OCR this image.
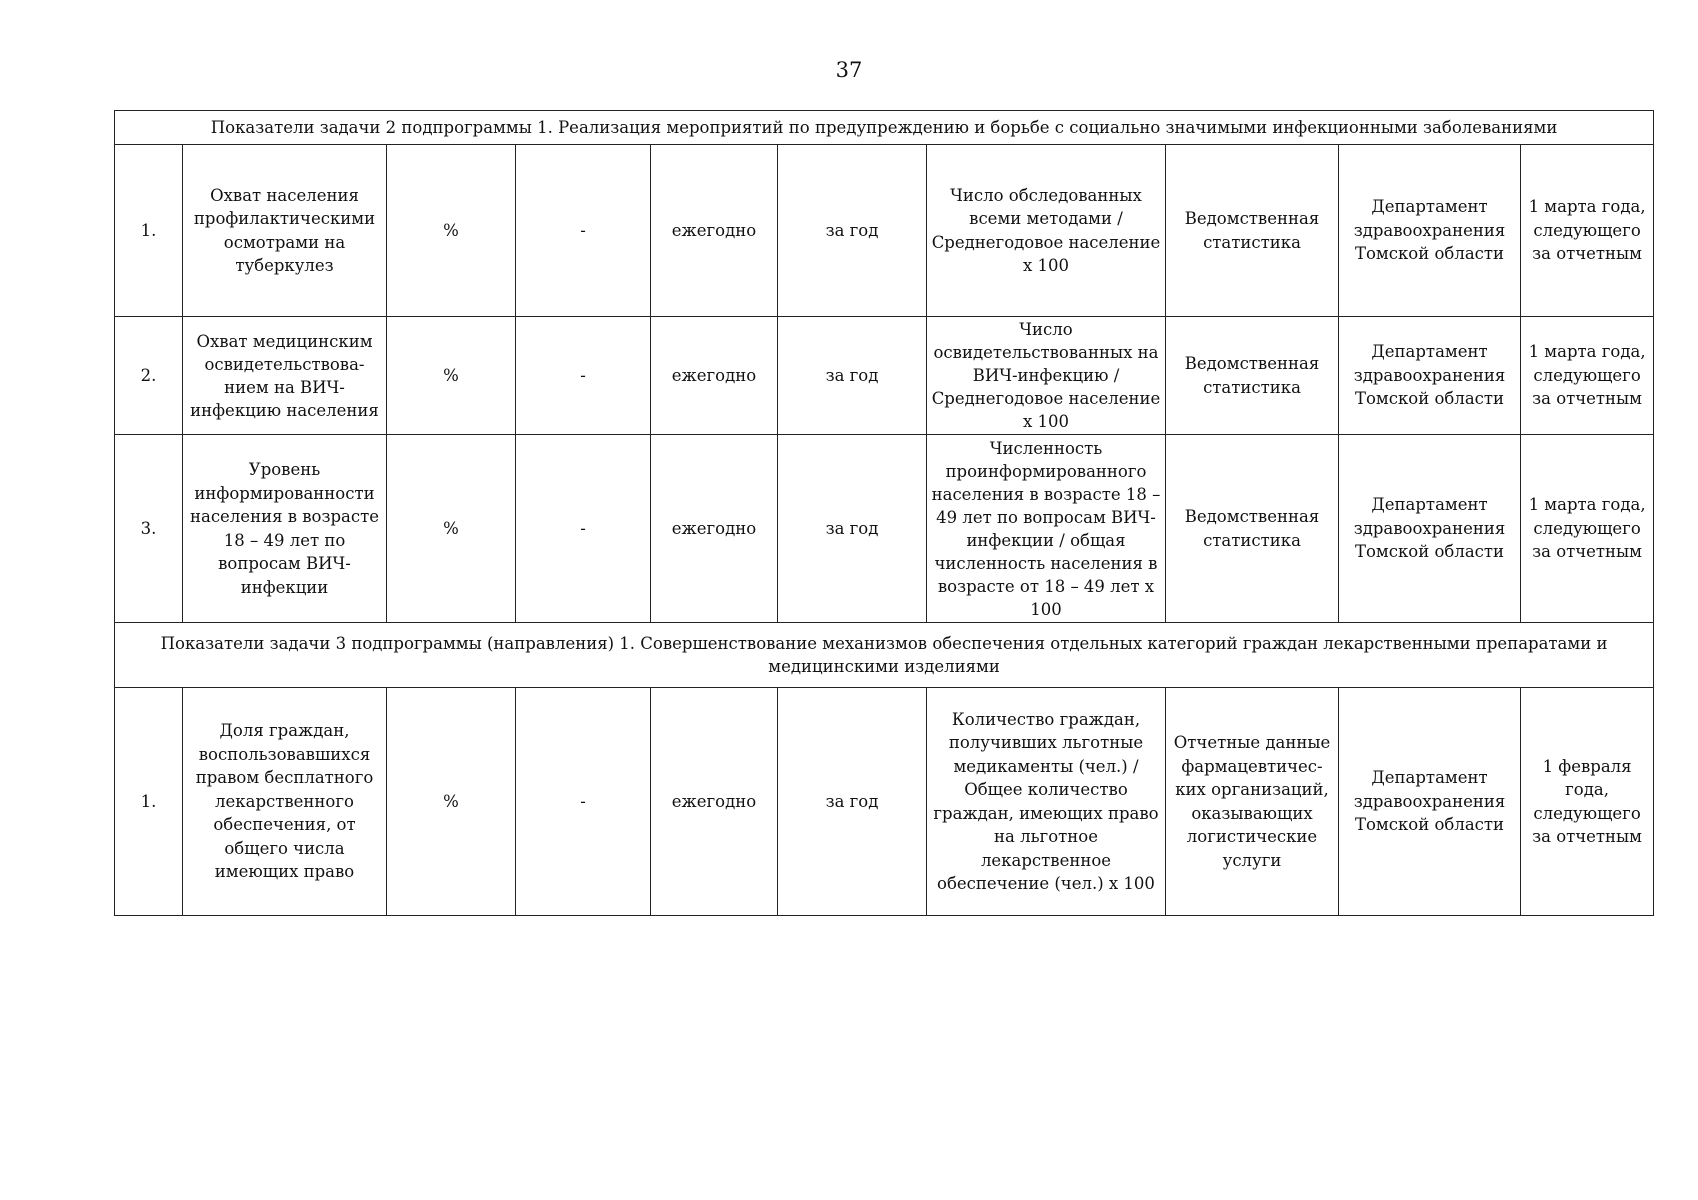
37
Показатели задачи 2 подпрограммы 1. Реализация мероприятий по предупреждению и борьбе с социально значимыми инфекционными заболеваниями									
1.	Охват населения профилактическими осмотрами на туберкулез	%	-	ежегодно	за год	Число обследованных всеми методами / Среднегодовое население х 100	Ведомственная статистика	Департамент здравоохранения Томской области	1 марта года, следующего за отчетным
2.	Охват медицинским освидетельствова-нием на ВИЧ-инфекцию населения	%	-	ежегодно	за год	Число освидетельствованных на ВИЧ-инфекцию / Среднегодовое население х 100	Ведомственная статистика	Департамент здравоохранения Томской области	1 марта года, следующего за отчетным
3.	Уровень информированности населения в возрасте 18 – 49 лет по вопросам ВИЧ-инфекции	%	-	ежегодно	за год	Численность проинформированного населения в возрасте 18 – 49 лет по вопросам ВИЧ-инфекции / общая численность населения в возрасте от 18 – 49 лет х 100	Ведомственная статистика	Департамент здравоохранения Томской области	1 марта года, следующего за отчетным
Показатели задачи 3 подпрограммы (направления) 1. Совершенствование механизмов обеспечения отдельных категорий граждан лекарственными препаратами и медицинскими изделиями									
1.	Доля граждан, воспользовавшихся правом бесплатного лекарственного обеспечения, от общего числа имеющих право	%	-	ежегодно	за год	Количество граждан, получивших льготные медикаменты (чел.) / Общее количество граждан, имеющих право на льготное лекарственное обеспечение (чел.) х 100	Отчетные данные фармацевтичес-ких организаций, оказывающих логистические услуги	Департамент здравоохранения Томской области	1 февраля года, следующего за отчетным
